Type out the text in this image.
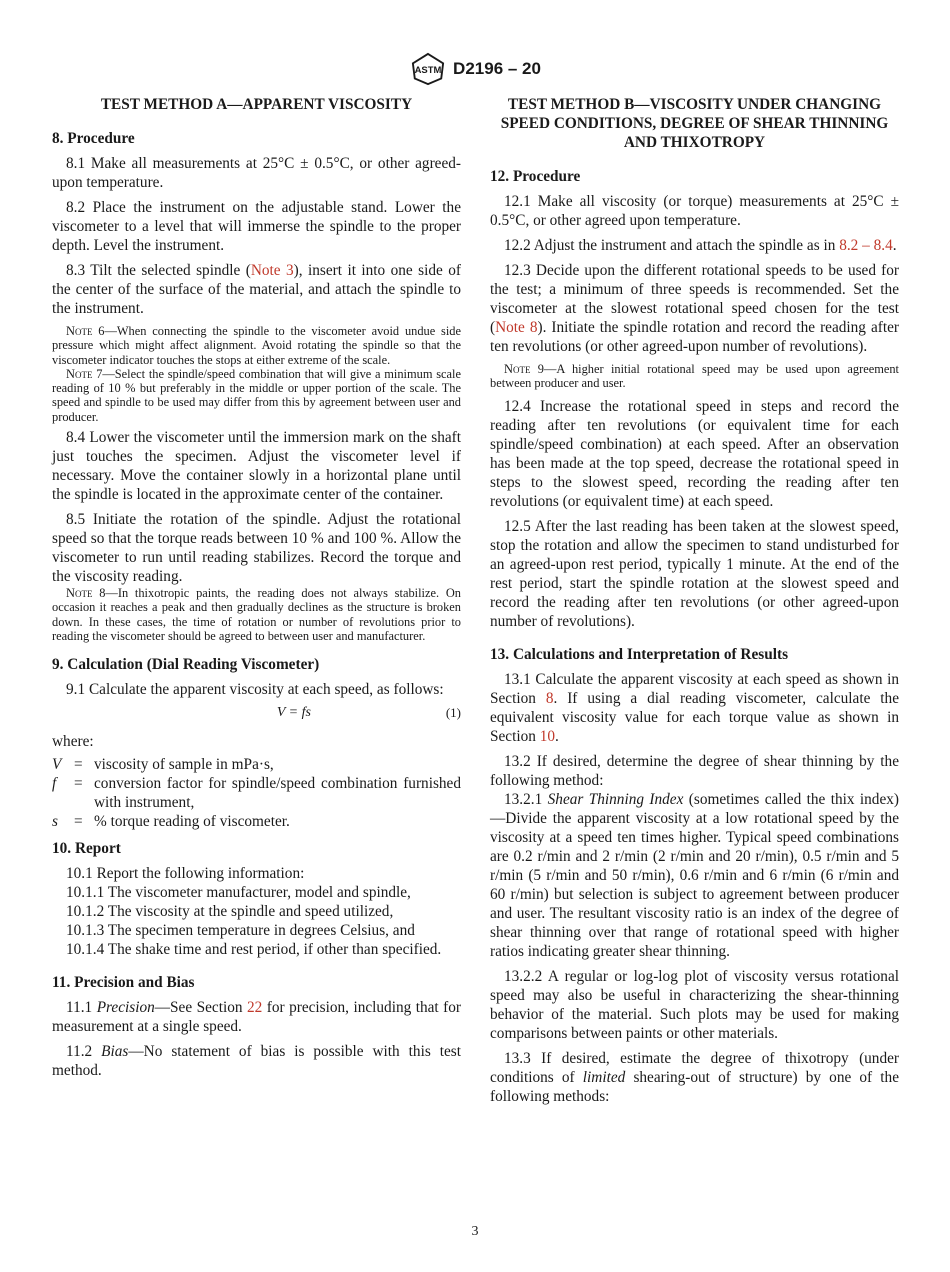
ASTM D2196 – 20
TEST METHOD A—APPARENT VISCOSITY
8. Procedure

8.1 Make all measurements at 25°C ± 0.5°C, or other agreed-upon temperature.

8.2 Place the instrument on the adjustable stand. Lower the viscometer to a level that will immerse the spindle to the proper depth. Level the instrument.

8.3 Tilt the selected spindle (Note 3), insert it into one side of the center of the surface of the material, and attach the spindle to the instrument.

Note 6—When connecting the spindle to the viscometer avoid undue side pressure which might affect alignment. Avoid rotating the spindle so that the viscometer indicator touches the stops at either extreme of the scale.

Note 7—Select the spindle/speed combination that will give a minimum scale reading of 10 % but preferably in the middle or upper portion of the scale. The speed and spindle to be used may differ from this by agreement between user and producer.

8.4 Lower the viscometer until the immersion mark on the shaft just touches the specimen. Adjust the viscometer level if necessary. Move the container slowly in a horizontal plane until the spindle is located in the approximate center of the container.

8.5 Initiate the rotation of the spindle. Adjust the rotational speed so that the torque reads between 10 % and 100 %. Allow the viscometer to run until reading stabilizes. Record the torque and the viscosity reading.

Note 8—In thixotropic paints, the reading does not always stabilize. On occasion it reaches a peak and then gradually declines as the structure is broken down. In these cases, the time of rotation or number of revolutions prior to reading the viscometer should be agreed to between user and manufacturer.

9. Calculation (Dial Reading Viscometer)

9.1 Calculate the apparent viscosity at each speed, as follows:

V = fs	(1)
where:
V = viscosity of sample in mPa·s,
f	= conversion factor for spindle/speed combination furnished with instrument,
s	= % torque reading of viscometer.
10. Report

10.1 Report the following information:

10.1.1 The viscometer manufacturer, model and spindle,

10.1.2 The viscosity at the spindle and speed utilized,

10.1.3 The specimen temperature in degrees Celsius, and

10.1.4 The shake time and rest period, if other than specified.

11. Precision and Bias

11.1 Precision—See Section 22 for precision, including that for measurement at a single speed.

11.2 Bias—No statement of bias is possible with this test method.

TEST METHOD B—VISCOSITY UNDER CHANGING SPEED CONDITIONS, DEGREE OF SHEAR THINNING AND THIXOTROPY
12. Procedure

12.1 Make all viscosity (or torque) measurements at 25°C ± 0.5°C, or other agreed upon temperature.

12.2 Adjust the instrument and attach the spindle as in 8.2 – 8.4.

12.3 Decide upon the different rotational speeds to be used for the test; a minimum of three speeds is recommended. Set the viscometer at the slowest rotational speed chosen for the test (Note 8). Initiate the spindle rotation and record the reading after ten revolutions (or other agreed-upon number of revolutions).

Note 9—A higher initial rotational speed may be used upon agreement between producer and user.

12.4 Increase the rotational speed in steps and record the reading after ten revolutions (or equivalent time for each spindle/speed combination) at each speed. After an observation has been made at the top speed, decrease the rotational speed in steps to the slowest speed, recording the reading after ten revolutions (or equivalent time) at each speed.

12.5 After the last reading has been taken at the slowest speed, stop the rotation and allow the specimen to stand undisturbed for an agreed-upon rest period, typically 1 minute. At the end of the rest period, start the spindle rotation at the slowest speed and record the reading after ten revolutions (or other agreed-upon number of revolutions).

13. Calculations and Interpretation of Results

13.1 Calculate the apparent viscosity at each speed as shown in Section 8. If using a dial reading viscometer, calculate the equivalent viscosity value for each torque value as shown in Section 10.

13.2 If desired, determine the degree of shear thinning by the following method:

13.2.1 Shear Thinning Index (sometimes called the thix index)—Divide the apparent viscosity at a low rotational speed by the viscosity at a speed ten times higher. Typical speed combinations are 0.2 r/min and 2 r/min (2 r/min and 20 r/min), 0.5 r/min and 5 r/min (5 r/min and 50 r/min), 0.6 r/min and 6 r/min (6 r/min and 60 r/min) but selection is subject to agreement between producer and user. The resultant viscosity ratio is an index of the degree of shear thinning over that range of rotational speed with higher ratios indicating greater shear thinning.

13.2.2 A regular or log-log plot of viscosity versus rotational speed may also be useful in characterizing the shear-thinning behavior of the material. Such plots may be used for making comparisons between paints or other materials.

13.3 If desired, estimate the degree of thixotropy (under conditions of limited shearing-out of structure) by one of the following methods:

3
